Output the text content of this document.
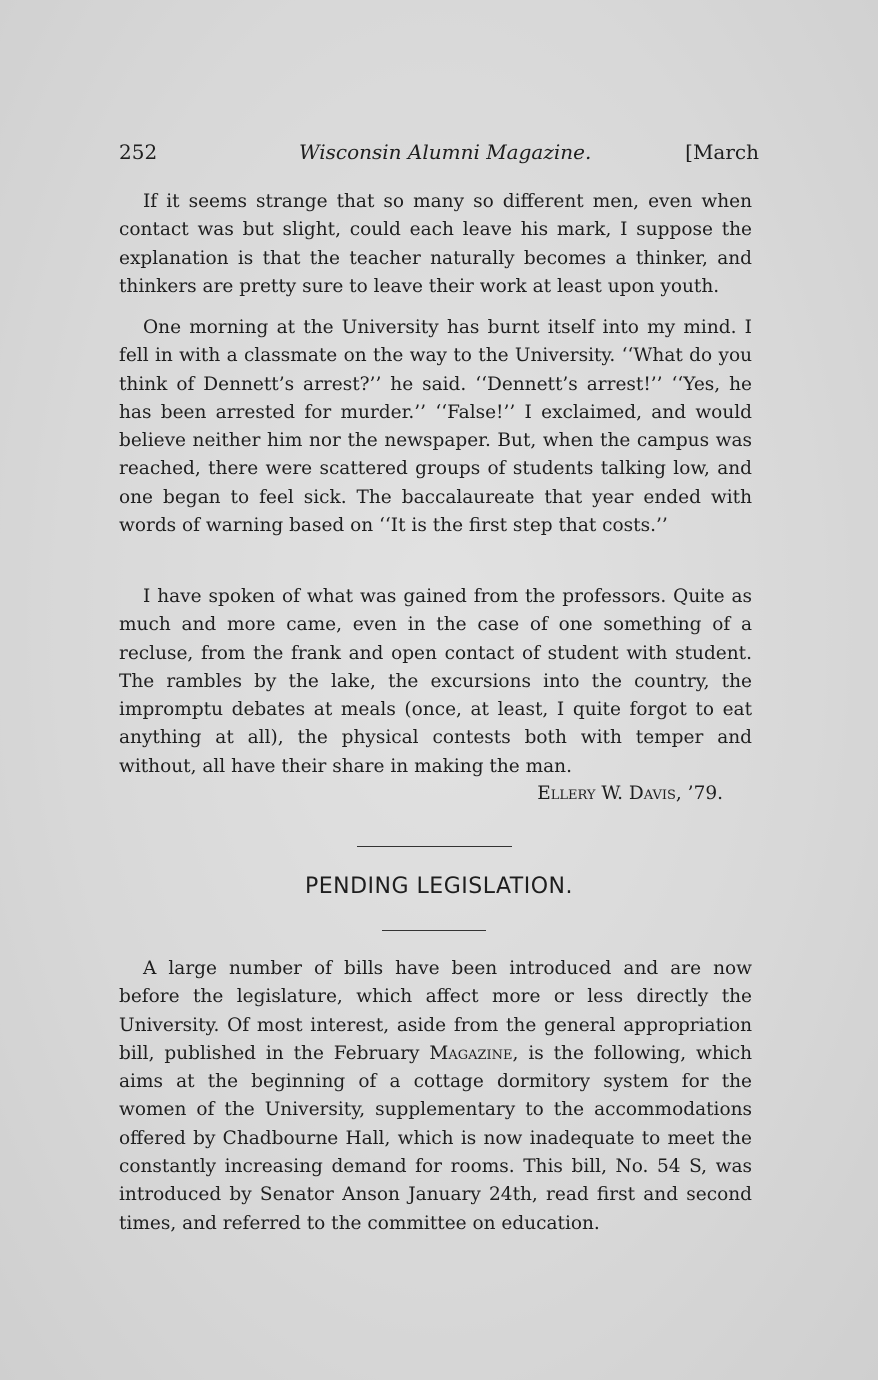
252	Wisconsin Alumni Magazine.	[March

If it seems strange that so many so different men, even when contact was but slight, could each leave his mark, I suppose the explanation is that the teacher naturally becomes a thinker, and thinkers are pretty sure to leave their work at least upon youth.

One morning at the University has burnt itself into my mind. I fell in with a classmate on the way to the University. ‘‘What do you think of Dennett’s arrest?’’ he said. ‘‘Dennett’s arrest!’’ ‘‘Yes, he has been arrested for murder.’’ ‘‘False!’’ I exclaimed, and would believe neither him nor the newspaper. But, when the campus was reached, there were scattered groups of students talking low, and one began to feel sick. The baccalaureate that year ended with words of warning based on ‘‘It is the first step that costs.’’

I have spoken of what was gained from the professors. Quite as much and more came, even in the case of one something of a recluse, from the frank and open contact of student with student. The rambles by the lake, the excursions into the country, the impromptu debates at meals (once, at least, I quite forgot to eat anything at all), the physical contests both with temper and without, all have their share in making the man.

Ellery W. Davis, ’79.
PENDING LEGISLATION.

A large number of bills have been introduced and are now before the legislature, which affect more or less directly the University. Of most interest, aside from the general appropriation bill, published in the February Magazine, is the following, which aims at the beginning of a cottage dormitory system for the women of the University, supplementary to the accommodations offered by Chadbourne Hall, which is now inadequate to meet the constantly increasing demand for rooms. This bill, No. 54 S, was introduced by Senator Anson January 24th, read first and second times, and referred to the committee on education.
